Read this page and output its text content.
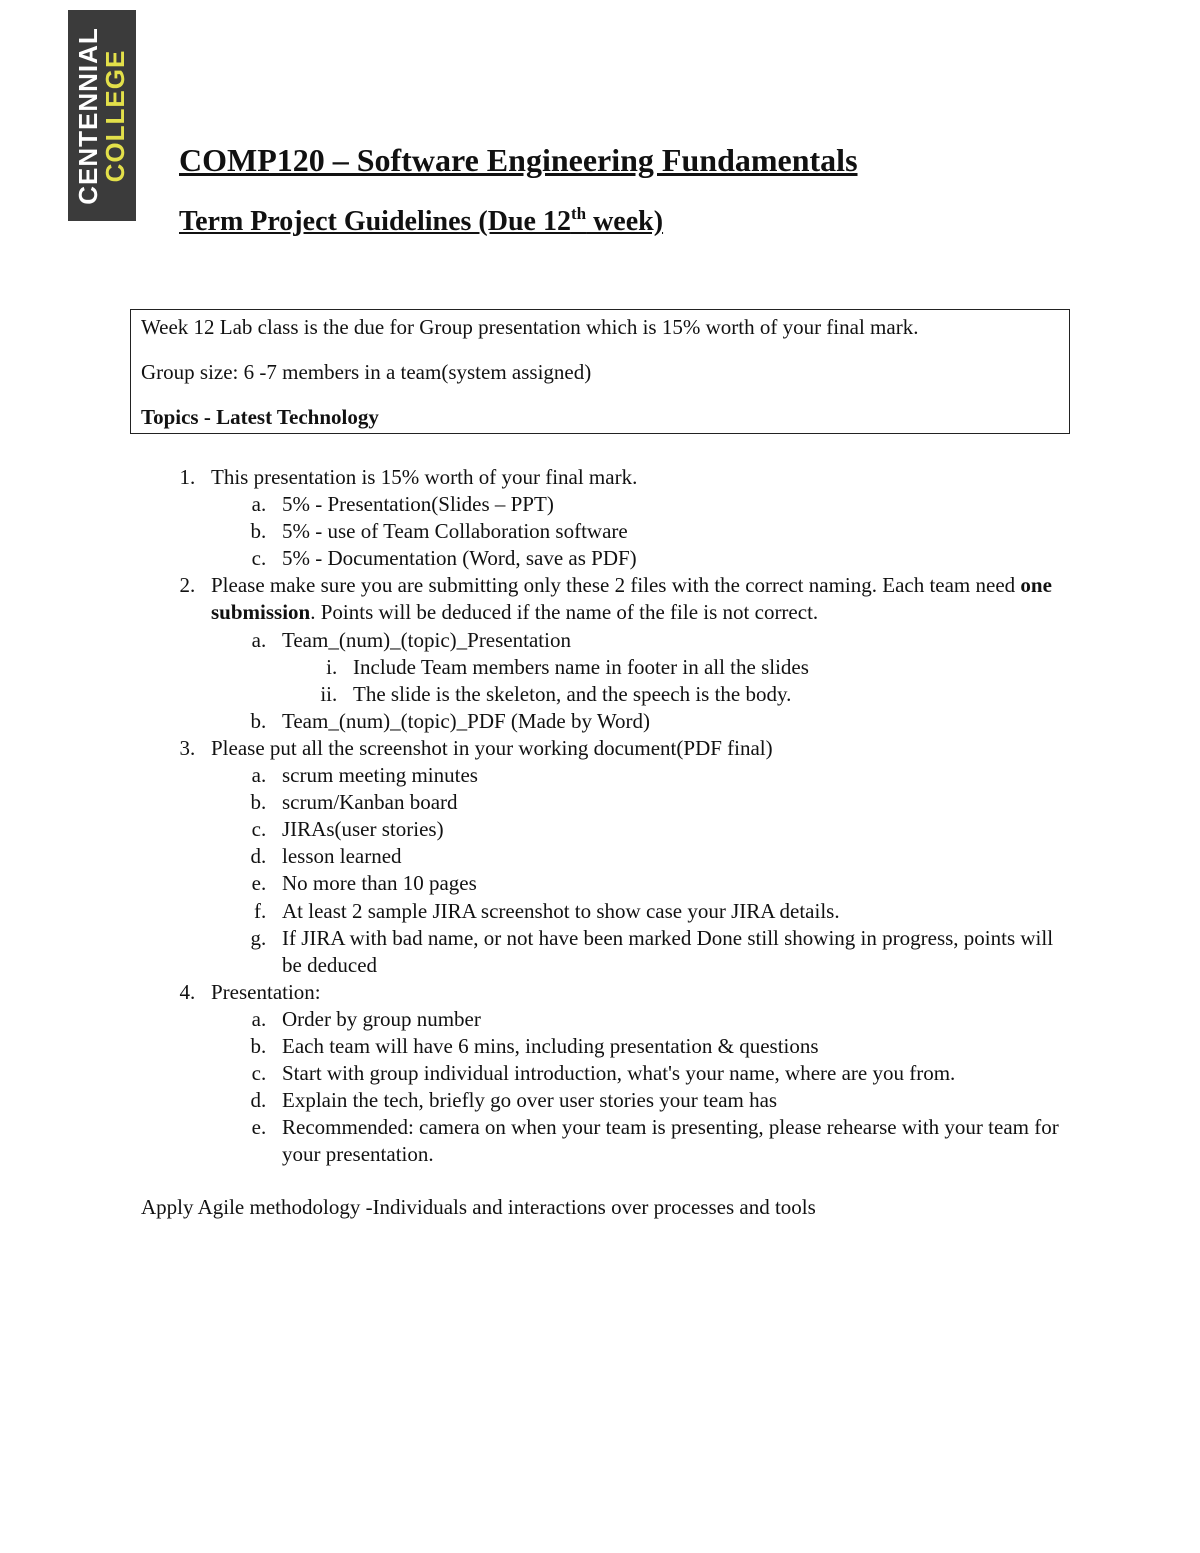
CENTENNIAL
COLLEGE COMP120 – Software Engineering Fundamentals
Term Project Guidelines (Due 12th week)

Week 12 Lab class is the due for Group presentation which is 15% worth of your final mark.

Group size: 6 -7 members in a team(system assigned)

Topics - Latest Technology

1. This presentation is 15% worth of your final mark.
a. 5% - Presentation(Slides – PPT)
b. 5% - use of Team Collaboration software
c. 5% - Documentation (Word, save as PDF)
2. Please make sure you are submitting only these 2 files with the correct naming. Each team need one submission. Points will be deduced if the name of the file is not correct.
a. Team_(num)_(topic)_Presentation
i. Include Team members name in footer in all the slides
ii. The slide is the skeleton, and the speech is the body.
b. Team_(num)_(topic)_PDF (Made by Word)
3. Please put all the screenshot in your working document(PDF final)
a. scrum meeting minutes
b. scrum/Kanban board
c. JIRAs(user stories)
d. lesson learned
e. No more than 10 pages
f. At least 2 sample JIRA screenshot to show case your JIRA details.
g. If JIRA with bad name, or not have been marked Done still showing in progress, points will be deduced
4. Presentation:
a. Order by group number
b. Each team will have 6 mins, including presentation & questions
c. Start with group individual introduction, what's your name, where are you from.
d. Explain the tech, briefly go over user stories your team has
e. Recommended: camera on when your team is presenting, please rehearse with your team for your presentation.

Apply Agile methodology -Individuals and interactions over processes and tools
